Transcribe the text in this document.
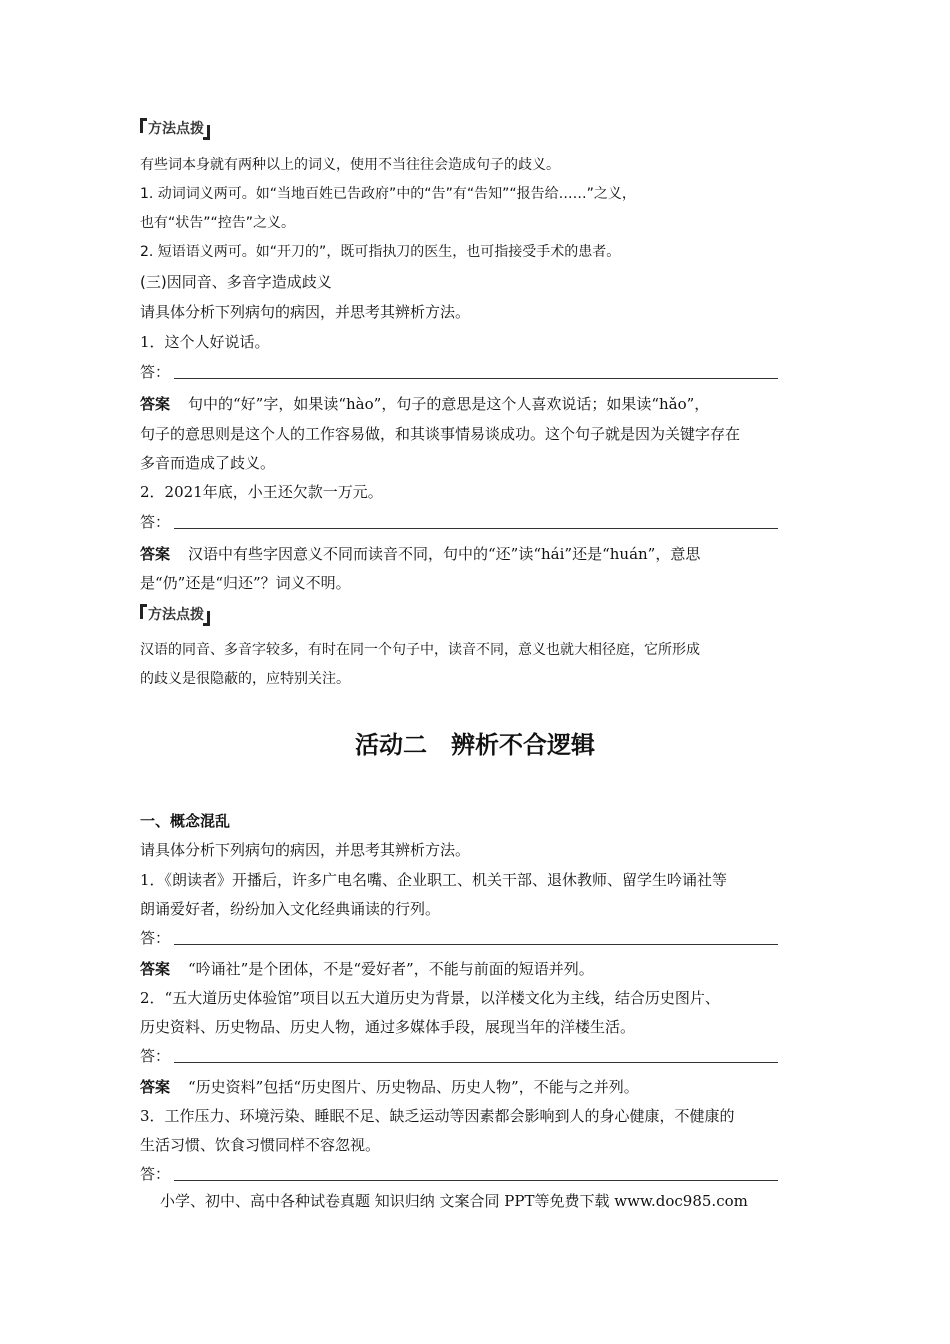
方法点拨
有些词本身就有两种以上的词义，使用不当往往会造成句子的歧义。
1. 动词词义两可。如“当地百姓已告政府”中的“告”有“告知”“报告给……”之义，
也有“状告”“控告”之义。
2. 短语语义两可。如“开刀的”，既可指执刀的医生，也可指接受手术的患者。
(三)因同音、多音字造成歧义
请具体分析下列病句的病因，并思考其辨析方法。
1．这个人好说话。
答：
答案 句中的“好”字，如果读“hào”，句子的意思是这个人喜欢说话；如果读“hǎo”，
句子的意思则是这个人的工作容易做，和其谈事情易谈成功。这个句子就是因为关键字存在
多音而造成了歧义。
2．2021年底，小王还欠款一万元。
答：
答案 汉语中有些字因意义不同而读音不同，句中的“还”读“hái”还是“huán”，意思
是“仍”还是“归还”？词义不明。
方法点拨
汉语的同音、多音字较多，有时在同一个句子中，读音不同，意义也就大相径庭，它所形成
的歧义是很隐蔽的，应特别关注。
活动二　辨析不合逻辑
一、概念混乱
请具体分析下列病句的病因，并思考其辨析方法。
1．《朗读者》开播后，许多广电名嘴、企业职工、机关干部、退休教师、留学生吟诵社等
朗诵爱好者，纷纷加入文化经典诵读的行列。
答：
答案 “吟诵社”是个团体，不是“爱好者”，不能与前面的短语并列。
2．“五大道历史体验馆”项目以五大道历史为背景，以洋楼文化为主线，结合历史图片、
历史资料、历史物品、历史人物，通过多媒体手段，展现当年的洋楼生活。
答：
答案 “历史资料”包括“历史图片、历史物品、历史人物”，不能与之并列。
3．工作压力、环境污染、睡眠不足、缺乏运动等因素都会影响到人的身心健康，不健康的
生活习惯、饮食习惯同样不容忽视。
答：
小学、初中、高中各种试卷真题 知识归纳 文案合同 PPT等免费下载 www.doc985.com
